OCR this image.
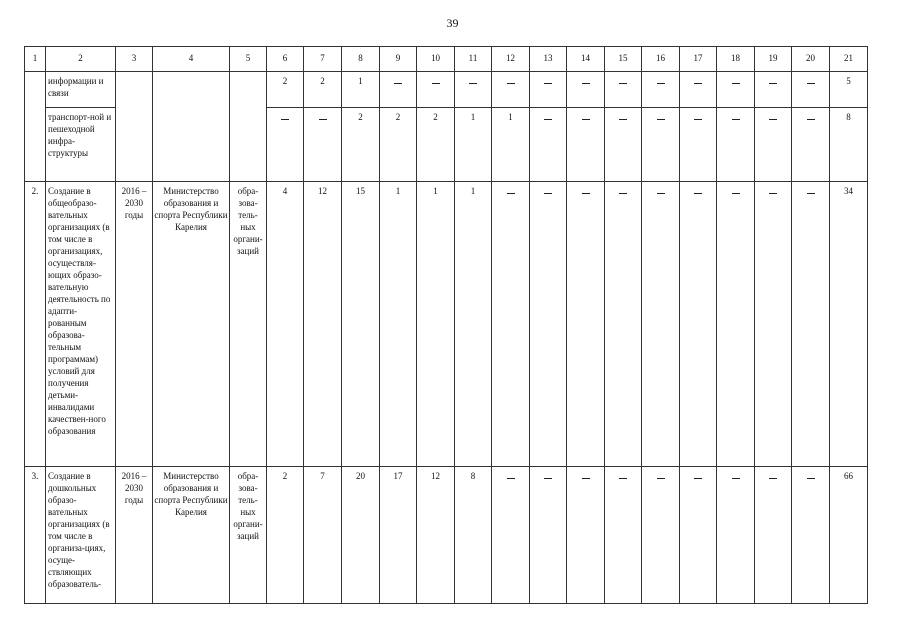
39
1	2	3	4	5	6	7	8	9	10	11	12	13	14	15	16	17	18	19	20	21
	информации и связи				2	2	1													5
	транспорт-ной и пешеходной инфра-структуры						2	2	2	1	1									8
2.	Создание в общеобразо-вательных организациях (в том числе в организациях, осуществля-ющих образо-вательную деятельность по адапти-рованным образова-тельным программам) условий для получения детьми-инвалидами качествен-ного образования	2016 – 2030 годы	Министерство образования и спорта Республики Карелия	обра-зова-тель-ных органи-заций	4	12	15	1	1	1										34
3.	Создание в дошкольных образо-вательных организациях (в том числе в организа-циях, осуще-ствляющих образователь-	2016 – 2030 годы	Министерство образования и спорта Республики Карелия	обра-зова-тель-ных органи-заций	2	7	20	17	12	8										66
